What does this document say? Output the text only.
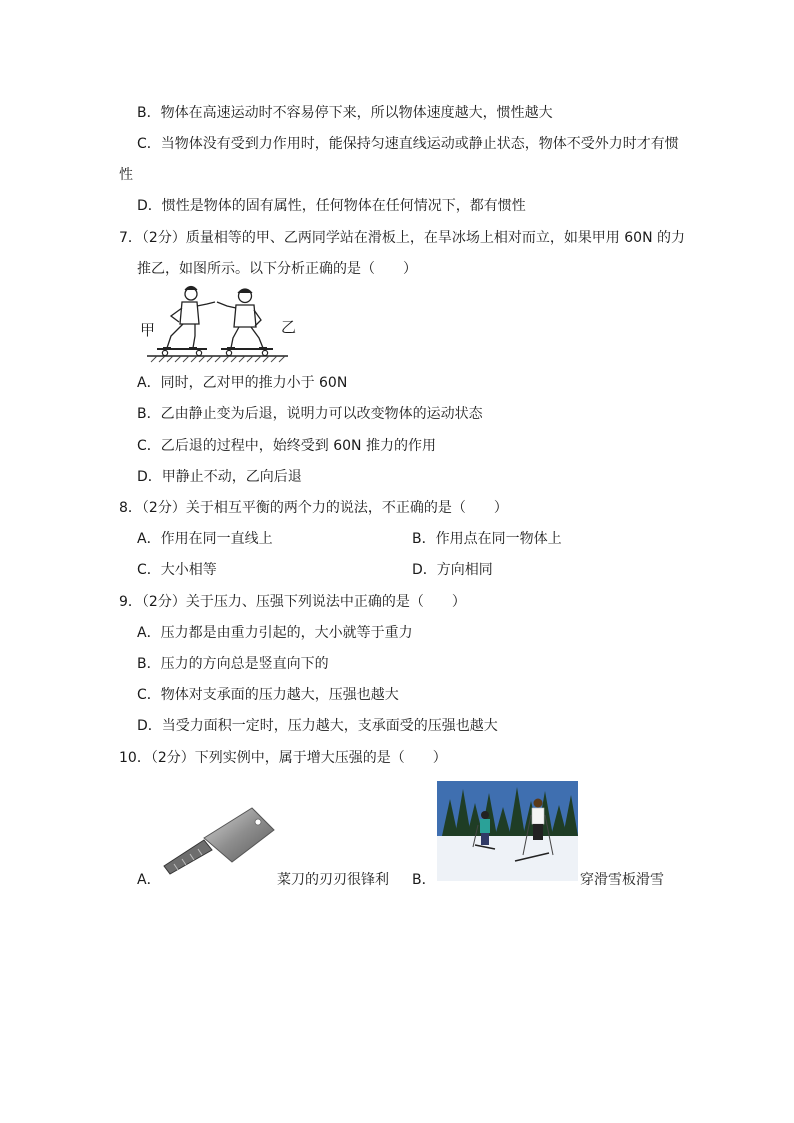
B．物体在高速运动时不容易停下来，所以物体速度越大，惯性越大
C．当物体没有受到力作用时，能保持匀速直线运动或静止状态，物体不受外力时才有惯
性
D．惯性是物体的固有属性，任何物体在任何情况下，都有惯性
7．（2分）质量相等的甲、乙两同学站在滑板上，在旱冰场上相对而立，如果甲用 60N 的力
推乙，如图所示。以下分析正确的是（　　）
甲	乙
A．同时，乙对甲的推力小于 60N
B．乙由静止变为后退，说明力可以改变物体的运动状态
C．乙后退的过程中，始终受到 60N 推力的作用
D．甲静止不动，乙向后退
8．（2分）关于相互平衡的两个力的说法，不正确的是（　　）
A．作用在同一直线上	B．作用点在同一物体上
C．大小相等	D．方向相同
9．（2分）关于压力、压强下列说法中正确的是（　　）
A．压力都是由重力引起的，大小就等于重力
B．压力的方向总是竖直向下的
C．物体对支承面的压力越大，压强也越大
D．当受力面积一定时，压力越大，支承面受的压强也越大
10．（2分）下列实例中，属于增大压强的是（　　）
A．	菜刀的刃刃很锋利 B．	穿滑雪板滑雪
